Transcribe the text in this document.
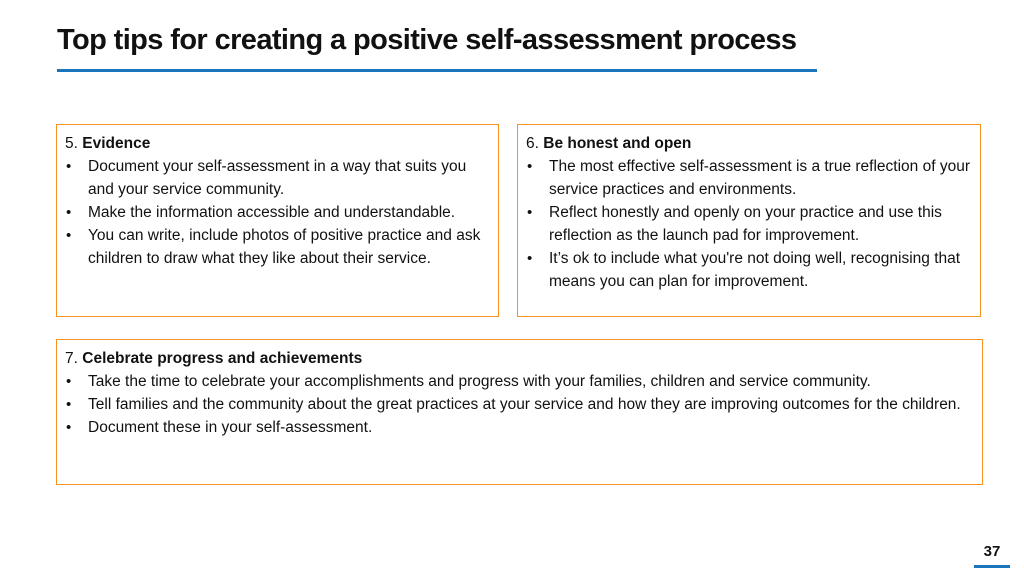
Top tips for creating a positive self-assessment process
5. Evidence
• Document your self-assessment in a way that suits you and your service community.
• Make the information accessible and understandable.
• You can write, include photos of positive practice and ask children to draw what they like about their service.
6. Be honest and open
• The most effective self-assessment is a true reflection of your service practices and environments.
• Reflect honestly and openly on your practice and use this reflection as the launch pad for improvement.
• It’s ok to include what you're not doing well, recognising that means you can plan for improvement.
7. Celebrate progress and achievements
• Take the time to celebrate your accomplishments and progress with your families, children and service community.
• Tell families and the community about the great practices at your service and how they are improving outcomes for the children.
• Document these in your self-assessment.
37
